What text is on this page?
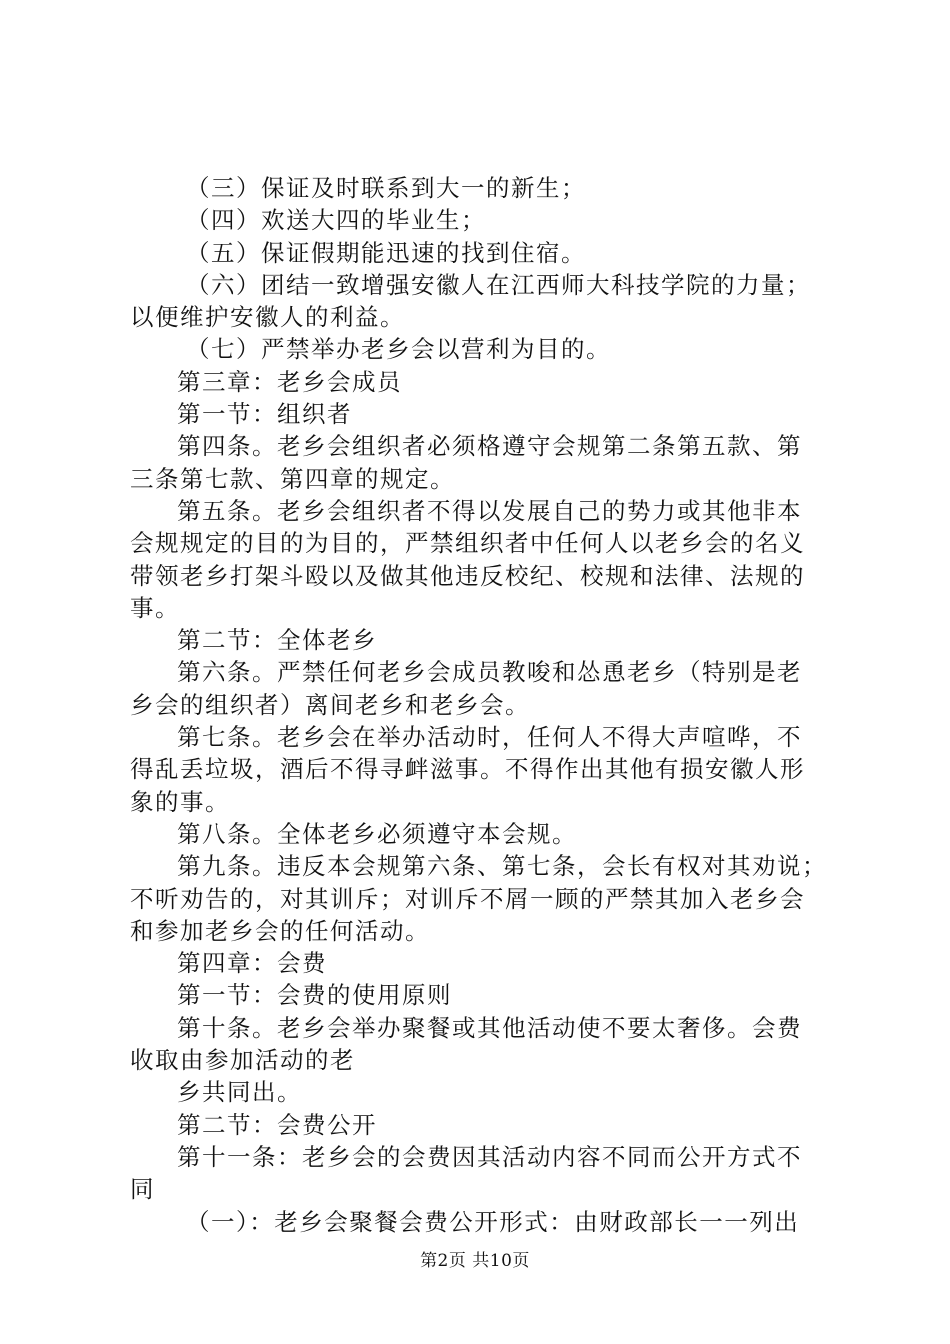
（三）保证及时联系到大一的新生；
（四）欢送大四的毕业生；
（五）保证假期能迅速的找到住宿。
（六）团结一致增强安徽人在江西师大科技学院的力量；
以便维护安徽人的利益。
（七）严禁举办老乡会以营利为目的。
第三章：老乡会成员
第一节：组织者
第四条。老乡会组织者必须格遵守会规第二条第五款、第
三条第七款、第四章的规定。
第五条。老乡会组织者不得以发展自己的势力或其他非本
会规规定的目的为目的，严禁组织者中任何人以老乡会的名义
带领老乡打架斗殴以及做其他违反校纪、校规和法律、法规的
事。
第二节：全体老乡
第六条。严禁任何老乡会成员教唆和怂恿老乡（特别是老
乡会的组织者）离间老乡和老乡会。
第七条。老乡会在举办活动时，任何人不得大声喧哗，不
得乱丢垃圾，酒后不得寻衅滋事。不得作出其他有损安徽人形
象的事。
第八条。全体老乡必须遵守本会规。
第九条。违反本会规第六条、第七条，会长有权对其劝说；
不听劝告的，对其训斥；对训斥不屑一顾的严禁其加入老乡会
和参加老乡会的任何活动。
第四章：会费
第一节：会费的使用原则
第十条。老乡会举办聚餐或其他活动使不要太奢侈。会费
收取由参加活动的老
乡共同出。
第二节：会费公开
第十一条：老乡会的会费因其活动内容不同而公开方式不
同
（一）：老乡会聚餐会费公开形式：由财政部长一一列出
第2页 共10页
